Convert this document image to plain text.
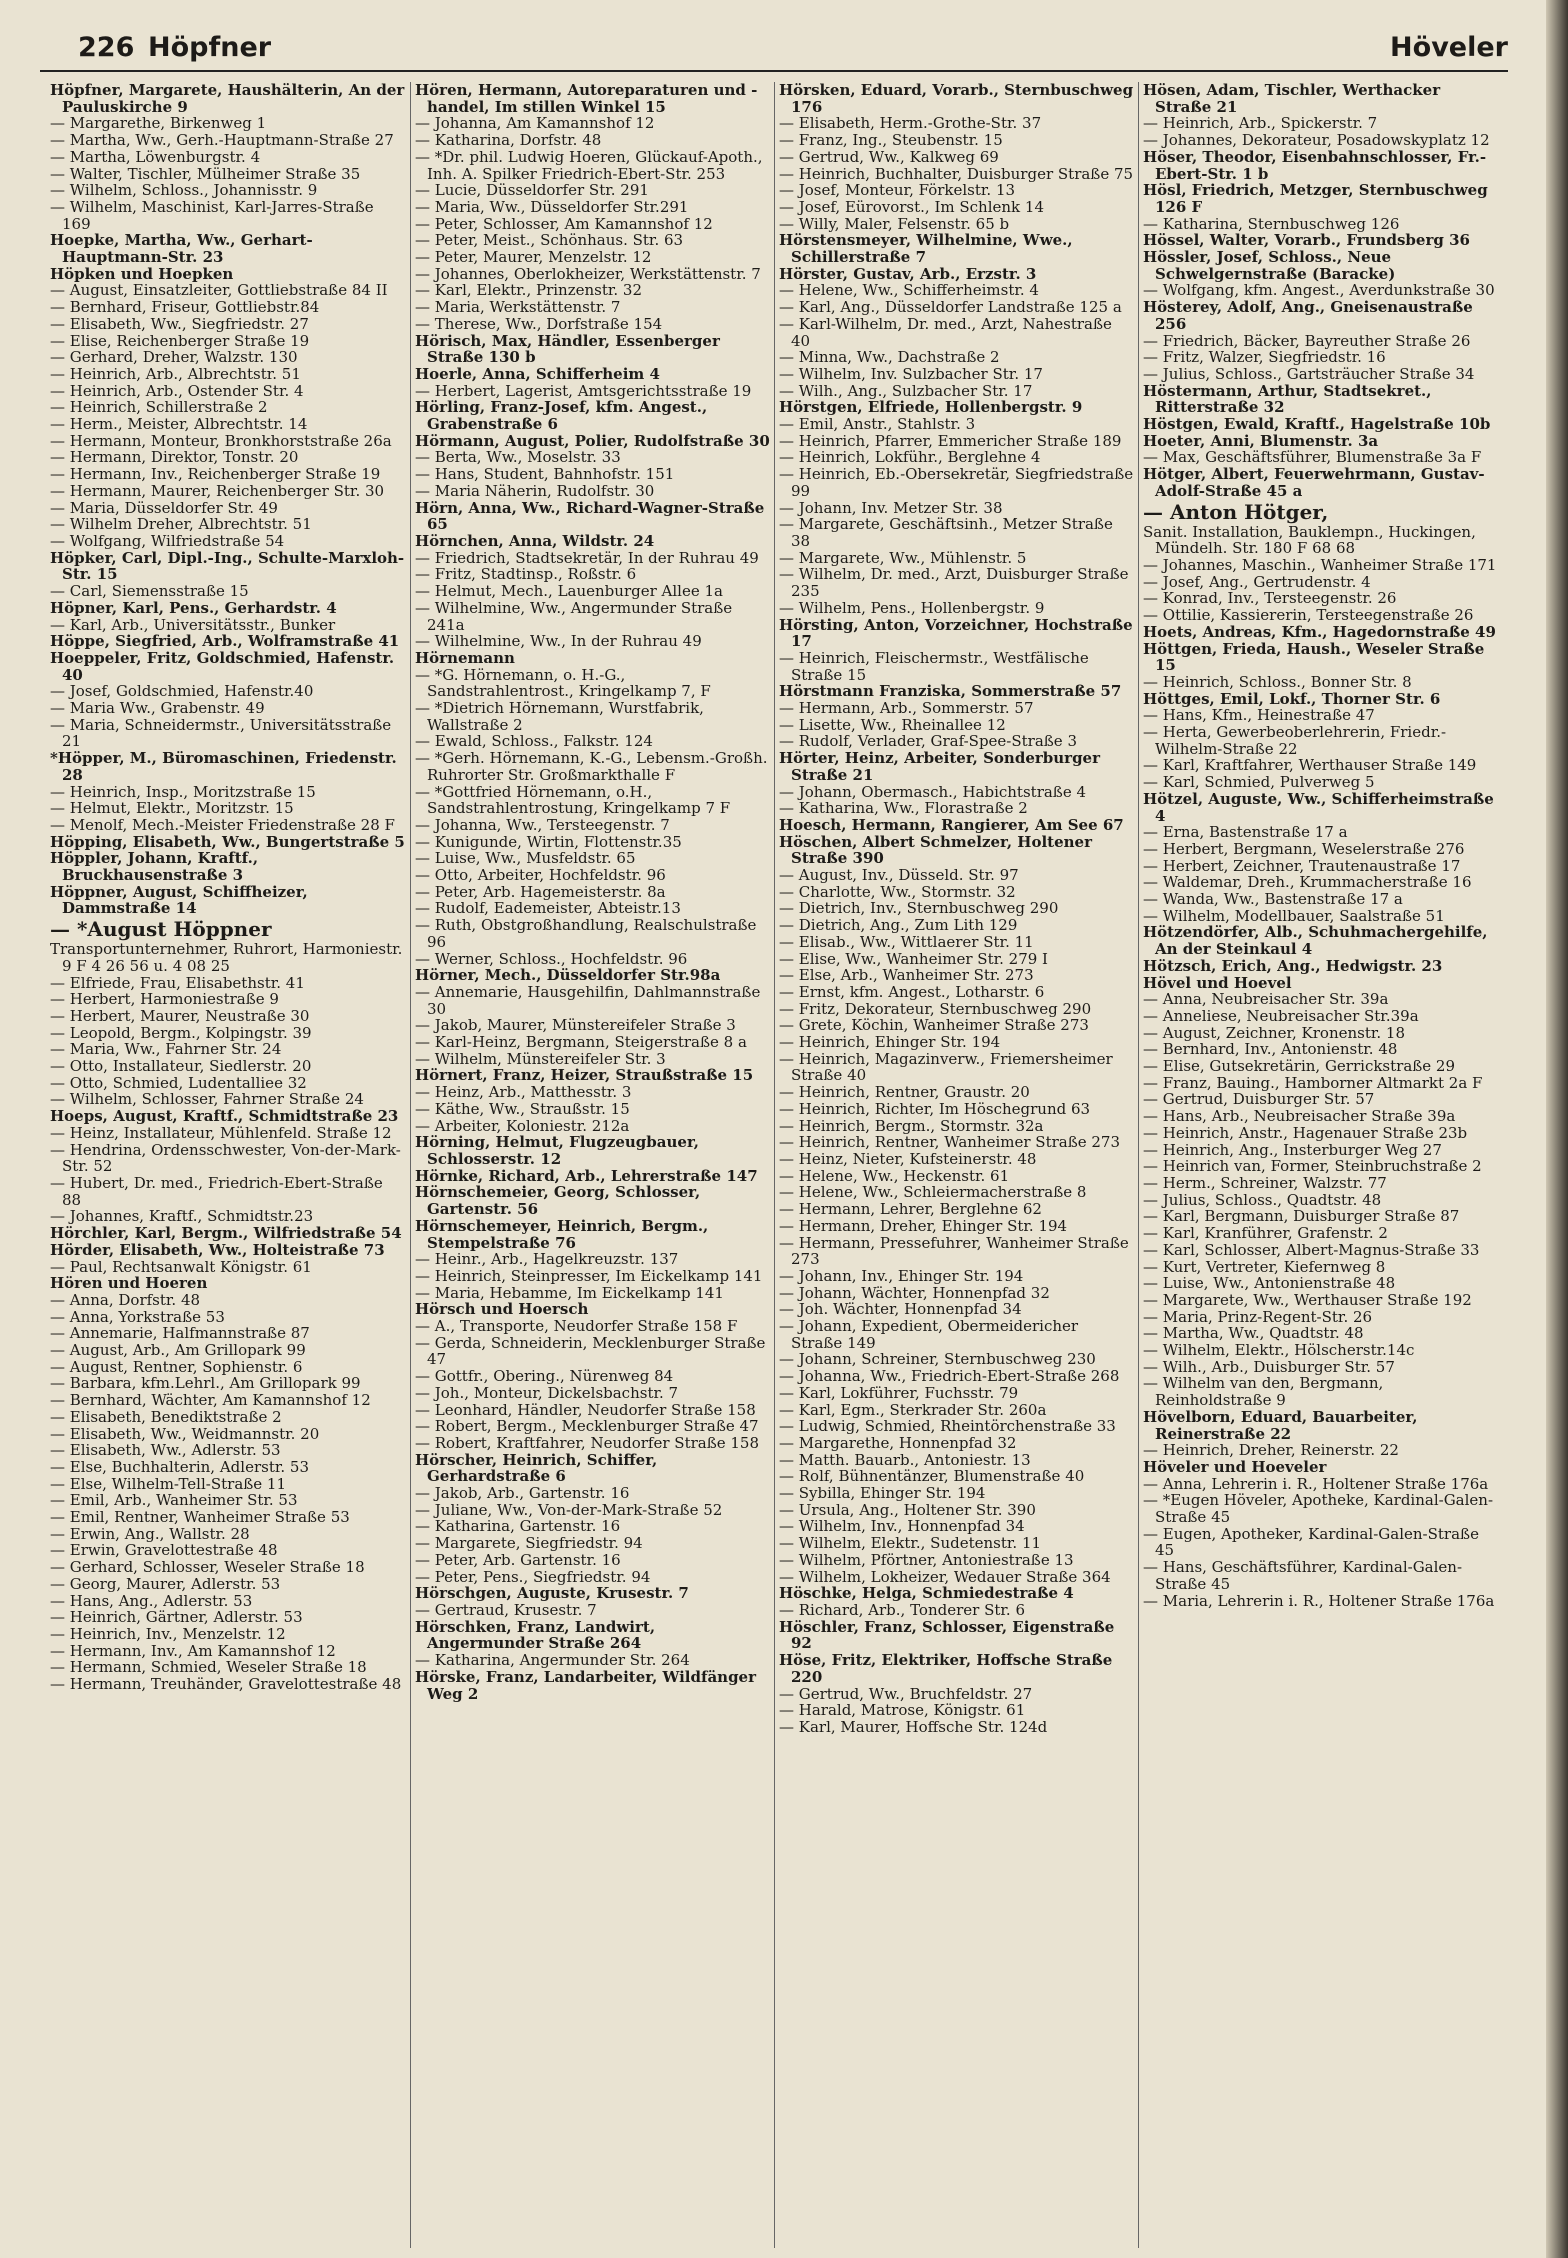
226 Höpfner	Höveler
Höpfner, Margarete, Haushälterin, An der Pauluskirche 9
— Margarethe, Birkenweg 1
— Martha, Ww., Gerh.-Hauptmann-Straße 27
— Martha, Löwenburgstr. 4
— Walter, Tischler, Mülheimer Straße 35
— Wilhelm, Schloss., Johannisstr. 9
— Wilhelm, Maschinist, Karl-Jarres-Straße 169
Hoepke, Martha, Ww., Gerhart-Hauptmann-Str. 23
Höpken und Hoepken
— August, Einsatzleiter, Gottliebstraße 84 II
— Bernhard, Friseur, Gottliebstr.84
— Elisabeth, Ww., Siegfriedstr. 27
— Elise, Reichenberger Straße 19
— Gerhard, Dreher, Walzstr. 130
— Heinrich, Arb., Albrechtstr. 51
— Heinrich, Arb., Ostender Str. 4
— Heinrich, Schillerstraße 2
— Herm., Meister, Albrechtstr. 14
— Hermann, Monteur, Bronkhorststraße 26a
— Hermann, Direktor, Tonstr. 20
— Hermann, Inv., Reichenberger Straße 19
— Hermann, Maurer, Reichenberger Str. 30
— Maria, Düsseldorfer Str. 49
— Wilhelm Dreher, Albrechtstr. 51
— Wolfgang, Wilfriedstraße 54
Höpker, Carl, Dipl.-Ing., Schulte-Marxloh-Str. 15
— Carl, Siemensstraße 15
Höpner, Karl, Pens., Gerhardstr. 4
— Karl, Arb., Universitätsstr., Bunker
Höppe, Siegfried, Arb., Wolframstraße 41
Hoeppeler, Fritz, Goldschmied, Hafenstr. 40
— Josef, Goldschmied, Hafenstr.40
— Maria Ww., Grabenstr. 49
— Maria, Schneidermstr., Universitätsstraße 21
*Höpper, M., Büromaschinen, Friedenstr. 28
— Heinrich, Insp., Moritzstraße 15
— Helmut, Elektr., Moritzstr. 15
— Menolf, Mech.-Meister Friedenstraße 28 F
Höpping, Elisabeth, Ww., Bungertstraße 5
Höppler, Johann, Kraftf., Bruckhausenstraße 3
Höppner, August, Schiffheizer, Dammstraße 14
— *August Höppner
Transportunternehmer, Ruhrort, Harmoniestr. 9 F 4 26 56 u. 4 08 25
— Elfriede, Frau, Elisabethstr. 41
— Herbert, Harmoniestraße 9
— Herbert, Maurer, Neustraße 30
— Leopold, Bergm., Kolpingstr. 39
— Maria, Ww., Fahrner Str. 24
— Otto, Installateur, Siedlerstr. 20
— Otto, Schmied, Ludentalliee 32
— Wilhelm, Schlosser, Fahrner Straße 24
Hoeps, August, Kraftf., Schmidtstraße 23
— Heinz, Installateur, Mühlenfeld. Straße 12
— Hendrina, Ordensschwester, Von-der-Mark-Str. 52
— Hubert, Dr. med., Friedrich-Ebert-Straße 88
— Johannes, Kraftf., Schmidtstr.23
Hörchler, Karl, Bergm., Wilfriedstraße 54
Hörder, Elisabeth, Ww., Holteistraße 73
— Paul, Rechtsanwalt Königstr. 61
Hören und Hoeren
— Anna, Dorfstr. 48
— Anna, Yorkstraße 53
— Annemarie, Halfmannstraße 87
— August, Arb., Am Grillopark 99
— August, Rentner, Sophienstr. 6
— Barbara, kfm.Lehrl., Am Grillopark 99
— Bernhard, Wächter, Am Kamannshof 12
— Elisabeth, Benediktstraße 2
— Elisabeth, Ww., Weidmannstr. 20
— Elisabeth, Ww., Adlerstr. 53
— Else, Buchhalterin, Adlerstr. 53
— Else, Wilhelm-Tell-Straße 11
— Emil, Arb., Wanheimer Str. 53
— Emil, Rentner, Wanheimer Straße 53
— Erwin, Ang., Wallstr. 28
— Erwin, Gravelottestraße 48
— Gerhard, Schlosser, Weseler Straße 18
— Georg, Maurer, Adlerstr. 53
— Hans, Ang., Adlerstr. 53
— Heinrich, Gärtner, Adlerstr. 53
— Heinrich, Inv., Menzelstr. 12
— Hermann, Inv., Am Kamannshof 12
— Hermann, Schmied, Weseler Straße 18
— Hermann, Treuhänder, Gravelottestraße 48
Hören, Hermann, Autoreparaturen und -handel, Im stillen Winkel 15
— Johanna, Am Kamannshof 12
— Katharina, Dorfstr. 48
— *Dr. phil. Ludwig Hoeren, Glückauf-Apoth., Inh. A. Spilker Friedrich-Ebert-Str. 253
— Lucie, Düsseldorfer Str. 291
— Maria, Ww., Düsseldorfer Str.291
— Peter, Schlosser, Am Kamannshof 12
— Peter, Meist., Schönhaus. Str. 63
— Peter, Maurer, Menzelstr. 12
— Johannes, Oberlokheizer, Werkstättenstr. 7
— Karl, Elektr., Prinzenstr. 32
— Maria, Werkstättenstr. 7
— Therese, Ww., Dorfstraße 154
Hörisch, Max, Händler, Essenberger Straße 130 b
Hoerle, Anna, Schifferheim 4
— Herbert, Lagerist, Amtsgerichtsstraße 19
Hörling, Franz-Josef, kfm. Angest., Grabenstraße 6
Hörmann, August, Polier, Rudolfstraße 30
— Berta, Ww., Moselstr. 33
— Hans, Student, Bahnhofstr. 151
— Maria Näherin, Rudolfstr. 30
Hörn, Anna, Ww., Richard-Wagner-Straße 65
Hörnchen, Anna, Wildstr. 24
— Friedrich, Stadtsekretär, In der Ruhrau 49
— Fritz, Stadtinsp., Roßstr. 6
— Helmut, Mech., Lauenburger Allee 1a
— Wilhelmine, Ww., Angermunder Straße 241a
— Wilhelmine, Ww., In der Ruhrau 49
Hörnemann
— *G. Hörnemann, o. H.-G., Sandstrahlentrost., Kringelkamp 7, F
— *Dietrich Hörnemann, Wurstfabrik, Wallstraße 2
— Ewald, Schloss., Falkstr. 124
— *Gerh. Hörnemann, K.-G., Lebensm.-Großh. Ruhrorter Str. Großmarkthalle F
— *Gottfried Hörnemann, o.H., Sandstrahlentrostung, Kringelkamp 7 F
— Johanna, Ww., Tersteegenstr. 7
— Kunigunde, Wirtin, Flottenstr.35
— Luise, Ww., Musfeldstr. 65
— Otto, Arbeiter, Hochfeldstr. 96
— Peter, Arb. Hagemeisterstr. 8a
— Rudolf, Eademeister, Abteistr.13
— Ruth, Obstgroßhandlung, Realschulstraße 96
— Werner, Schloss., Hochfeldstr. 96
Hörner, Mech., Düsseldorfer Str.98a
— Annemarie, Hausgehilfin, Dahlmannstraße 30
— Jakob, Maurer, Münstereifeler Straße 3
— Karl-Heinz, Bergmann, Steigerstraße 8 a
— Wilhelm, Münstereifeler Str. 3
Hörnert, Franz, Heizer, Straußstraße 15
— Heinz, Arb., Matthesstr. 3
— Käthe, Ww., Straußstr. 15
— Arbeiter, Koloniestr. 212a
Hörning, Helmut, Flugzeugbauer, Schlosserstr. 12
Hörnke, Richard, Arb., Lehrerstraße 147
Hörnschemeier, Georg, Schlosser, Gartenstr. 56
Hörnschemeyer, Heinrich, Bergm., Stempelstraße 76
— Heinr., Arb., Hagelkreuzstr. 137
— Heinrich, Steinpresser, Im Eickelkamp 141
— Maria, Hebamme, Im Eickelkamp 141
Hörsch und Hoersch
— A., Transporte, Neudorfer Straße 158 F
— Gerda, Schneiderin, Mecklenburger Straße 47
— Gottfr., Obering., Nürenweg 84
— Joh., Monteur, Dickelsbachstr. 7
— Leonhard, Händler, Neudorfer Straße 158
— Robert, Bergm., Mecklenburger Straße 47
— Robert, Kraftfahrer, Neudorfer Straße 158
Hörscher, Heinrich, Schiffer, Gerhardstraße 6
— Jakob, Arb., Gartenstr. 16
— Juliane, Ww., Von-der-Mark-Straße 52
— Katharina, Gartenstr. 16
— Margarete, Siegfriedstr. 94
— Peter, Arb. Gartenstr. 16
— Peter, Pens., Siegfriedstr. 94
Hörschgen, Auguste, Krusestr. 7
— Gertraud, Krusestr. 7
Hörschken, Franz, Landwirt, Angermunder Straße 264
— Katharina, Angermunder Str. 264
Hörske, Franz, Landarbeiter, Wildfänger Weg 2
Hörsken, Eduard, Vorarb., Sternbuschweg 176
— Elisabeth, Herm.-Grothe-Str. 37
— Franz, Ing., Steubenstr. 15
— Gertrud, Ww., Kalkweg 69
— Heinrich, Buchhalter, Duisburger Straße 75
— Josef, Monteur, Förkelstr. 13
— Josef, Eürovorst., Im Schlenk 14
— Willy, Maler, Felsenstr. 65 b
Hörstensmeyer, Wilhelmine, Wwe., Schillerstraße 7
Hörster, Gustav, Arb., Erzstr. 3
— Helene, Ww., Schifferheimstr. 4
— Karl, Ang., Düsseldorfer Landstraße 125 a
— Karl-Wilhelm, Dr. med., Arzt, Nahestraße 40
— Minna, Ww., Dachstraße 2
— Wilhelm, Inv. Sulzbacher Str. 17
— Wilh., Ang., Sulzbacher Str. 17
Hörstgen, Elfriede, Hollenbergstr. 9
— Emil, Anstr., Stahlstr. 3
— Heinrich, Pfarrer, Emmericher Straße 189
— Heinrich, Lokführ., Berglehne 4
— Heinrich, Eb.-Obersekretär, Siegfriedstraße 99
— Johann, Inv. Metzer Str. 38
— Margarete, Geschäftsinh., Metzer Straße 38
— Margarete, Ww., Mühlenstr. 5
— Wilhelm, Dr. med., Arzt, Duisburger Straße 235
— Wilhelm, Pens., Hollenbergstr. 9
Hörsting, Anton, Vorzeichner, Hochstraße 17
— Heinrich, Fleischermstr., Westfälische Straße 15
Hörstmann Franziska, Sommerstraße 57
— Hermann, Arb., Sommerstr. 57
— Lisette, Ww., Rheinallee 12
— Rudolf, Verlader, Graf-Spee-Straße 3
Hörter, Heinz, Arbeiter, Sonderburger Straße 21
— Johann, Obermasch., Habichtstraße 4
— Katharina, Ww., Florastraße 2
Hoesch, Hermann, Rangierer, Am See 67
Höschen, Albert Schmelzer, Holtener Straße 390
— August, Inv., Düsseld. Str. 97
— Charlotte, Ww., Stormstr. 32
— Dietrich, Inv., Sternbuschweg 290
— Dietrich, Ang., Zum Lith 129
— Elisab., Ww., Wittlaerer Str. 11
— Elise, Ww., Wanheimer Str. 279 I
— Else, Arb., Wanheimer Str. 273
— Ernst, kfm. Angest., Lotharstr. 6
— Fritz, Dekorateur, Sternbuschweg 290
— Grete, Köchin, Wanheimer Straße 273
— Heinrich, Ehinger Str. 194
— Heinrich, Magazinverw., Friemersheimer Straße 40
— Heinrich, Rentner, Graustr. 20
— Heinrich, Richter, Im Höschegrund 63
— Heinrich, Bergm., Stormstr. 32a
— Heinrich, Rentner, Wanheimer Straße 273
— Heinz, Nieter, Kufsteinerstr. 48
— Helene, Ww., Heckenstr. 61
— Helene, Ww., Schleiermacherstraße 8
— Hermann, Lehrer, Berglehne 62
— Hermann, Dreher, Ehinger Str. 194
— Hermann, Pressefuhrer, Wanheimer Straße 273
— Johann, Inv., Ehinger Str. 194
— Johann, Wächter, Honnenpfad 32
— Joh. Wächter, Honnenpfad 34
— Johann, Expedient, Obermeidericher Straße 149
— Johann, Schreiner, Sternbuschweg 230
— Johanna, Ww., Friedrich-Ebert-Straße 268
— Karl, Lokführer, Fuchsstr. 79
— Karl, Egm., Sterkrader Str. 260a
— Ludwig, Schmied, Rheintörchenstraße 33
— Margarethe, Honnenpfad 32
— Matth. Bauarb., Antoniestr. 13
— Rolf, Bühnentänzer, Blumenstraße 40
— Sybilla, Ehinger Str. 194
— Ursula, Ang., Holtener Str. 390
— Wilhelm, Inv., Honnenpfad 34
— Wilhelm, Elektr., Sudetenstr. 11
— Wilhelm, Pförtner, Antoniestraße 13
— Wilhelm, Lokheizer, Wedauer Straße 364
Höschke, Helga, Schmiedestraße 4
— Richard, Arb., Tonderer Str. 6
Höschler, Franz, Schlosser, Eigenstraße 92
Höse, Fritz, Elektriker, Hoffsche Straße 220
— Gertrud, Ww., Bruchfeldstr. 27
— Harald, Matrose, Königstr. 61
— Karl, Maurer, Hoffsche Str. 124d
Hösen, Adam, Tischler, Werthacker Straße 21
— Heinrich, Arb., Spickerstr. 7
— Johannes, Dekorateur, Posadowskyplatz 12
Höser, Theodor, Eisenbahnschlosser, Fr.-Ebert-Str. 1 b
Hösl, Friedrich, Metzger, Sternbuschweg 126 F
— Katharina, Sternbuschweg 126
Hössel, Walter, Vorarb., Frundsberg 36
Hössler, Josef, Schloss., Neue Schwelgernstraße (Baracke)
— Wolfgang, kfm. Angest., Averdunkstraße 30
Hösterey, Adolf, Ang., Gneisenaustraße 256
— Friedrich, Bäcker, Bayreuther Straße 26
— Fritz, Walzer, Siegfriedstr. 16
— Julius, Schloss., Gartsträucher Straße 34
Höstermann, Arthur, Stadtsekret., Ritterstraße 32
Höstgen, Ewald, Kraftf., Hagelstraße 10b
Hoeter, Anni, Blumenstr. 3a
— Max, Geschäftsführer, Blumenstraße 3a F
Hötger, Albert, Feuerwehrmann, Gustav-Adolf-Straße 45 a
— Anton Hötger,
Sanit. Installation, Bauklempn., Huckingen, Mündelh. Str. 180 F 68 68
— Johannes, Maschin., Wanheimer Straße 171
— Josef, Ang., Gertrudenstr. 4
— Konrad, Inv., Tersteegenstr. 26
— Ottilie, Kassiererin, Tersteegenstraße 26
Hoets, Andreas, Kfm., Hagedornstraße 49
Höttgen, Frieda, Haush., Weseler Straße 15
— Heinrich, Schloss., Bonner Str. 8
Höttges, Emil, Lokf., Thorner Str. 6
— Hans, Kfm., Heinestraße 47
— Herta, Gewerbeoberlehrerin, Friedr.-Wilhelm-Straße 22
— Karl, Kraftfahrer, Werthauser Straße 149
— Karl, Schmied, Pulverweg 5
Hötzel, Auguste, Ww., Schifferheimstraße 4
— Erna, Bastenstraße 17 a
— Herbert, Bergmann, Weselerstraße 276
— Herbert, Zeichner, Trautenaustraße 17
— Waldemar, Dreh., Krummacherstraße 16
— Wanda, Ww., Bastenstraße 17 a
— Wilhelm, Modellbauer, Saalstraße 51
Hötzendörfer, Alb., Schuhmachergehilfe, An der Steinkaul 4
Hötzsch, Erich, Ang., Hedwigstr. 23
Hövel und Hoevel
— Anna, Neubreisacher Str. 39a
— Anneliese, Neubreisacher Str.39a
— August, Zeichner, Kronenstr. 18
— Bernhard, Inv., Antonienstr. 48
— Elise, Gutsekretärin, Gerrickstraße 29
— Franz, Bauing., Hamborner Altmarkt 2a F
— Gertrud, Duisburger Str. 57
— Hans, Arb., Neubreisacher Straße 39a
— Heinrich, Anstr., Hagenauer Straße 23b
— Heinrich, Ang., Insterburger Weg 27
— Heinrich van, Former, Steinbruchstraße 2
— Herm., Schreiner, Walzstr. 77
— Julius, Schloss., Quadtstr. 48
— Karl, Bergmann, Duisburger Straße 87
— Karl, Kranführer, Grafenstr. 2
— Karl, Schlosser, Albert-Magnus-Straße 33
— Kurt, Vertreter, Kiefernweg 8
— Luise, Ww., Antonienstraße 48
— Margarete, Ww., Werthauser Straße 192
— Maria, Prinz-Regent-Str. 26
— Martha, Ww., Quadtstr. 48
— Wilhelm, Elektr., Hölscherstr.14c
— Wilh., Arb., Duisburger Str. 57
— Wilhelm van den, Bergmann, Reinholdstraße 9
Hövelborn, Eduard, Bauarbeiter, Reinerstraße 22
— Heinrich, Dreher, Reinerstr. 22
Höveler und Hoeveler
— Anna, Lehrerin i. R., Holtener Straße 176a
— *Eugen Höveler, Apotheke, Kardinal-Galen-Straße 45
— Eugen, Apotheker, Kardinal-Galen-Straße 45
— Hans, Geschäftsführer, Kardinal-Galen-Straße 45
— Maria, Lehrerin i. R., Holtener Straße 176a
